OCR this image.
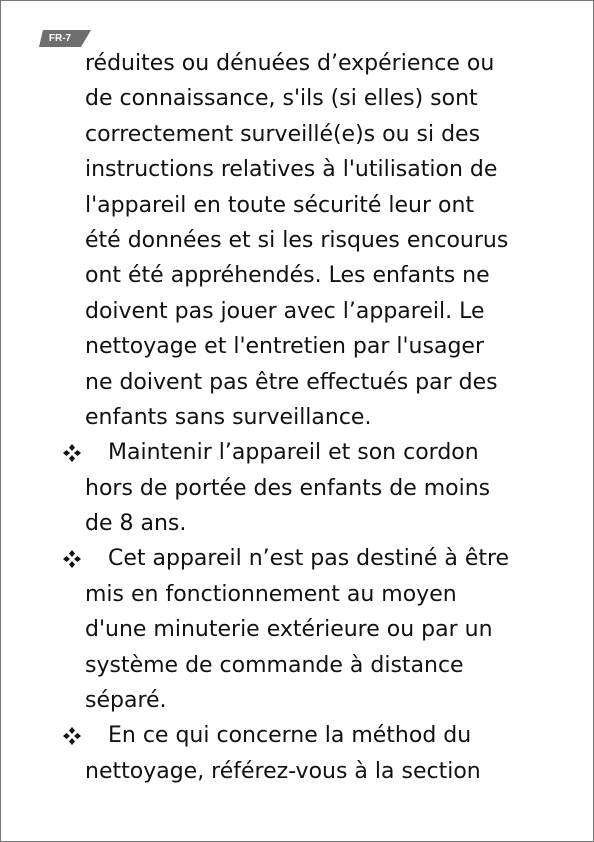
FR-7
réduites ou dénuées d’expérience ou
de connaissance, s'ils (si elles) sont
correctement surveillé(e)s ou si des
instructions relatives à l'utilisation de
l'appareil en toute sécurité leur ont
été données et si les risques encourus
ont été appréhendés. Les enfants ne
doivent pas jouer avec l’appareil. Le
nettoyage et l'entretien par l'usager
ne doivent pas être effectués par des
enfants sans surveillance.
Maintenir l’appareil et son cordon
hors de portée des enfants de moins
de 8 ans.
Cet appareil n’est pas destiné à être
mis en fonctionnement au moyen
d'une minuterie extérieure ou par un
système de commande à distance
séparé.
En ce qui concerne la méthod du
nettoyage, référez-vous à la section
